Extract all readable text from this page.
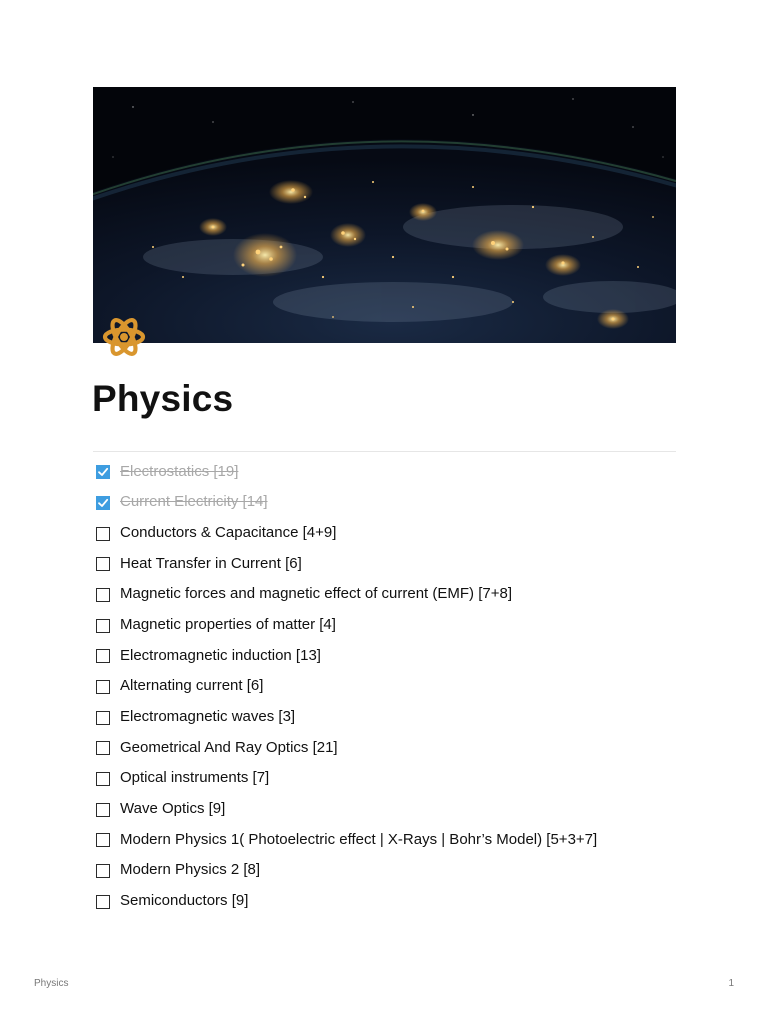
Physics
Electrostatics [19]
Current Electricity [14]
Conductors & Capacitance [4+9]
Heat Transfer in Current [6]
Magnetic forces and magnetic effect of current (EMF) [7+8]
Magnetic properties of matter [4]
Electromagnetic induction [13]
Alternating current [6]
Electromagnetic waves [3]
Geometrical And Ray Optics [21]
Optical instruments [7]
Wave Optics [9]
Modern Physics 1( Photoelectric effect | X-Rays | Bohr’s Model) [5+3+7]
Modern Physics 2 [8]
Semiconductors [9]
Physics	1
